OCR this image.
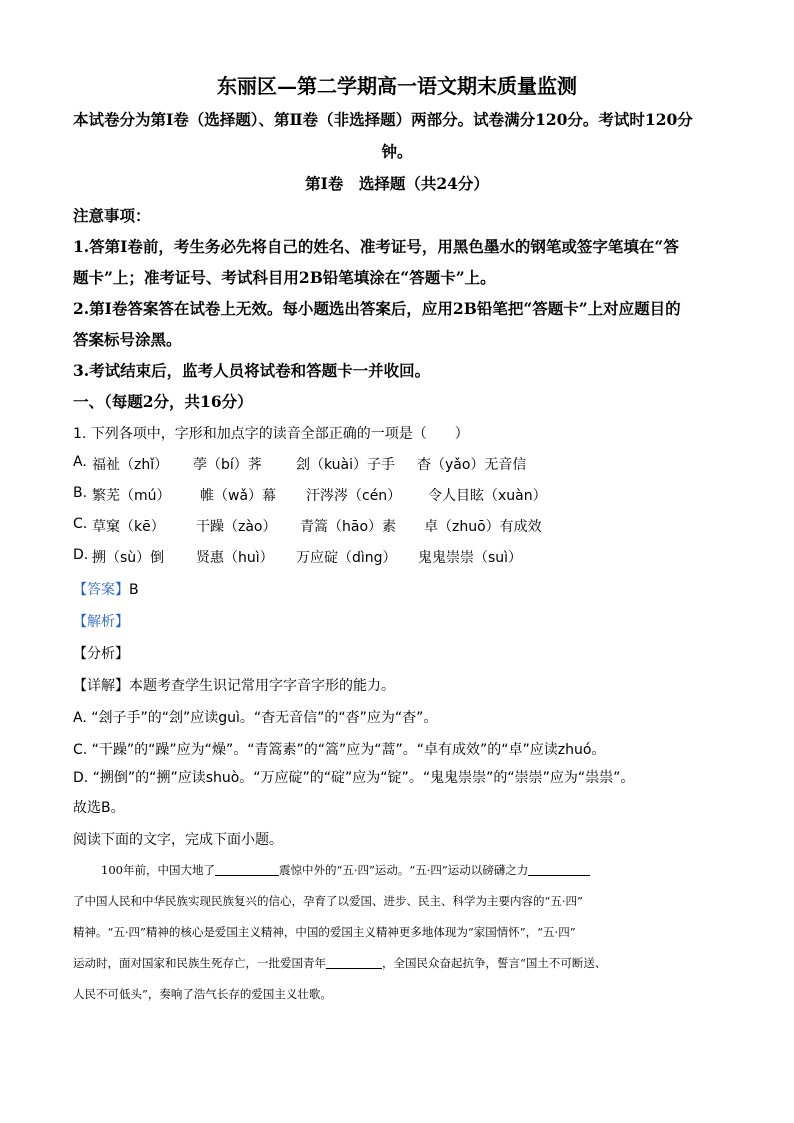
东丽区—第二学期高一语文期末质量监测
本试卷分为第Ⅰ卷（选择题）、第Ⅱ卷（非选择题）两部分。试卷满分120分。考试时120分
钟。
第Ⅰ卷　选择题（共24分）
注意事项：
1.答第Ⅰ卷前，考生务必先将自己的姓名、准考证号，用黑色墨水的钢笔或签字笔填在“答
题卡”上；准考证号、考试科目用2B铅笔填涂在“答题卡”上。
2.第Ⅰ卷答案答在试卷上无效。每小题选出答案后，应用2B铅笔把“答题卡”上对应题目的
答案标号涂黑。
3.考试结束后，监考人员将试卷和答题卡一并收回。
一、（每题2分，共16分）
1. 下列各项中，字形和加点字的读音全部正确的一项是（　　）
A. 福祉（zhǐ） 荸（bí）荠 刽（kuài）子手 杳（yǎo）无音信
B. 繁芜（mú） 帷（wǎ）幕 汗涔涔（cén） 令人目眩（xuàn）
C. 草窠（kē） 干躁（zào） 青篙（hāo）素 卓（zhuō）有成效
D. 搠（sù）倒 贤惠（huì） 万应碇（dìng） 鬼鬼崇崇（suì）
【答案】B
【解析】
【分析】
【详解】本题考查学生识记常用字字音字形的能力。
A. “刽子手”的“刽”应读guì。“杳无音信”的“沓”应为“杳”。
C. “干躁”的“躁”应为“燥”。“青篙素”的“篙”应为“蒿”。“卓有成效”的“卓”应读zhuó。
D. “搠倒”的“搠”应读shuò。“万应碇”的“碇”应为“锭”。“鬼鬼崇崇”的“崇崇”应为“祟祟”。
故选B。
阅读下面的文字，完成下面小题。
100年前，中国大地了	震惊中外的“五·四”运动。“五·四”运动以磅礴之力
了中国人民和中华民族实现民族复兴的信心，孕育了以爱国、进步、民主、科学为主要内容的“五·四”
精神。“五·四”精神的核心是爱国主义精神，中国的爱国主义精神更多地体现为“家国情怀”，“五·四”
运动时，面对国家和民族生死存亡，一批爱国青年	，全国民众奋起抗争，誓言“国土不可断送、
人民不可低头”，奏响了浩气长存的爱国主义壮歌。
